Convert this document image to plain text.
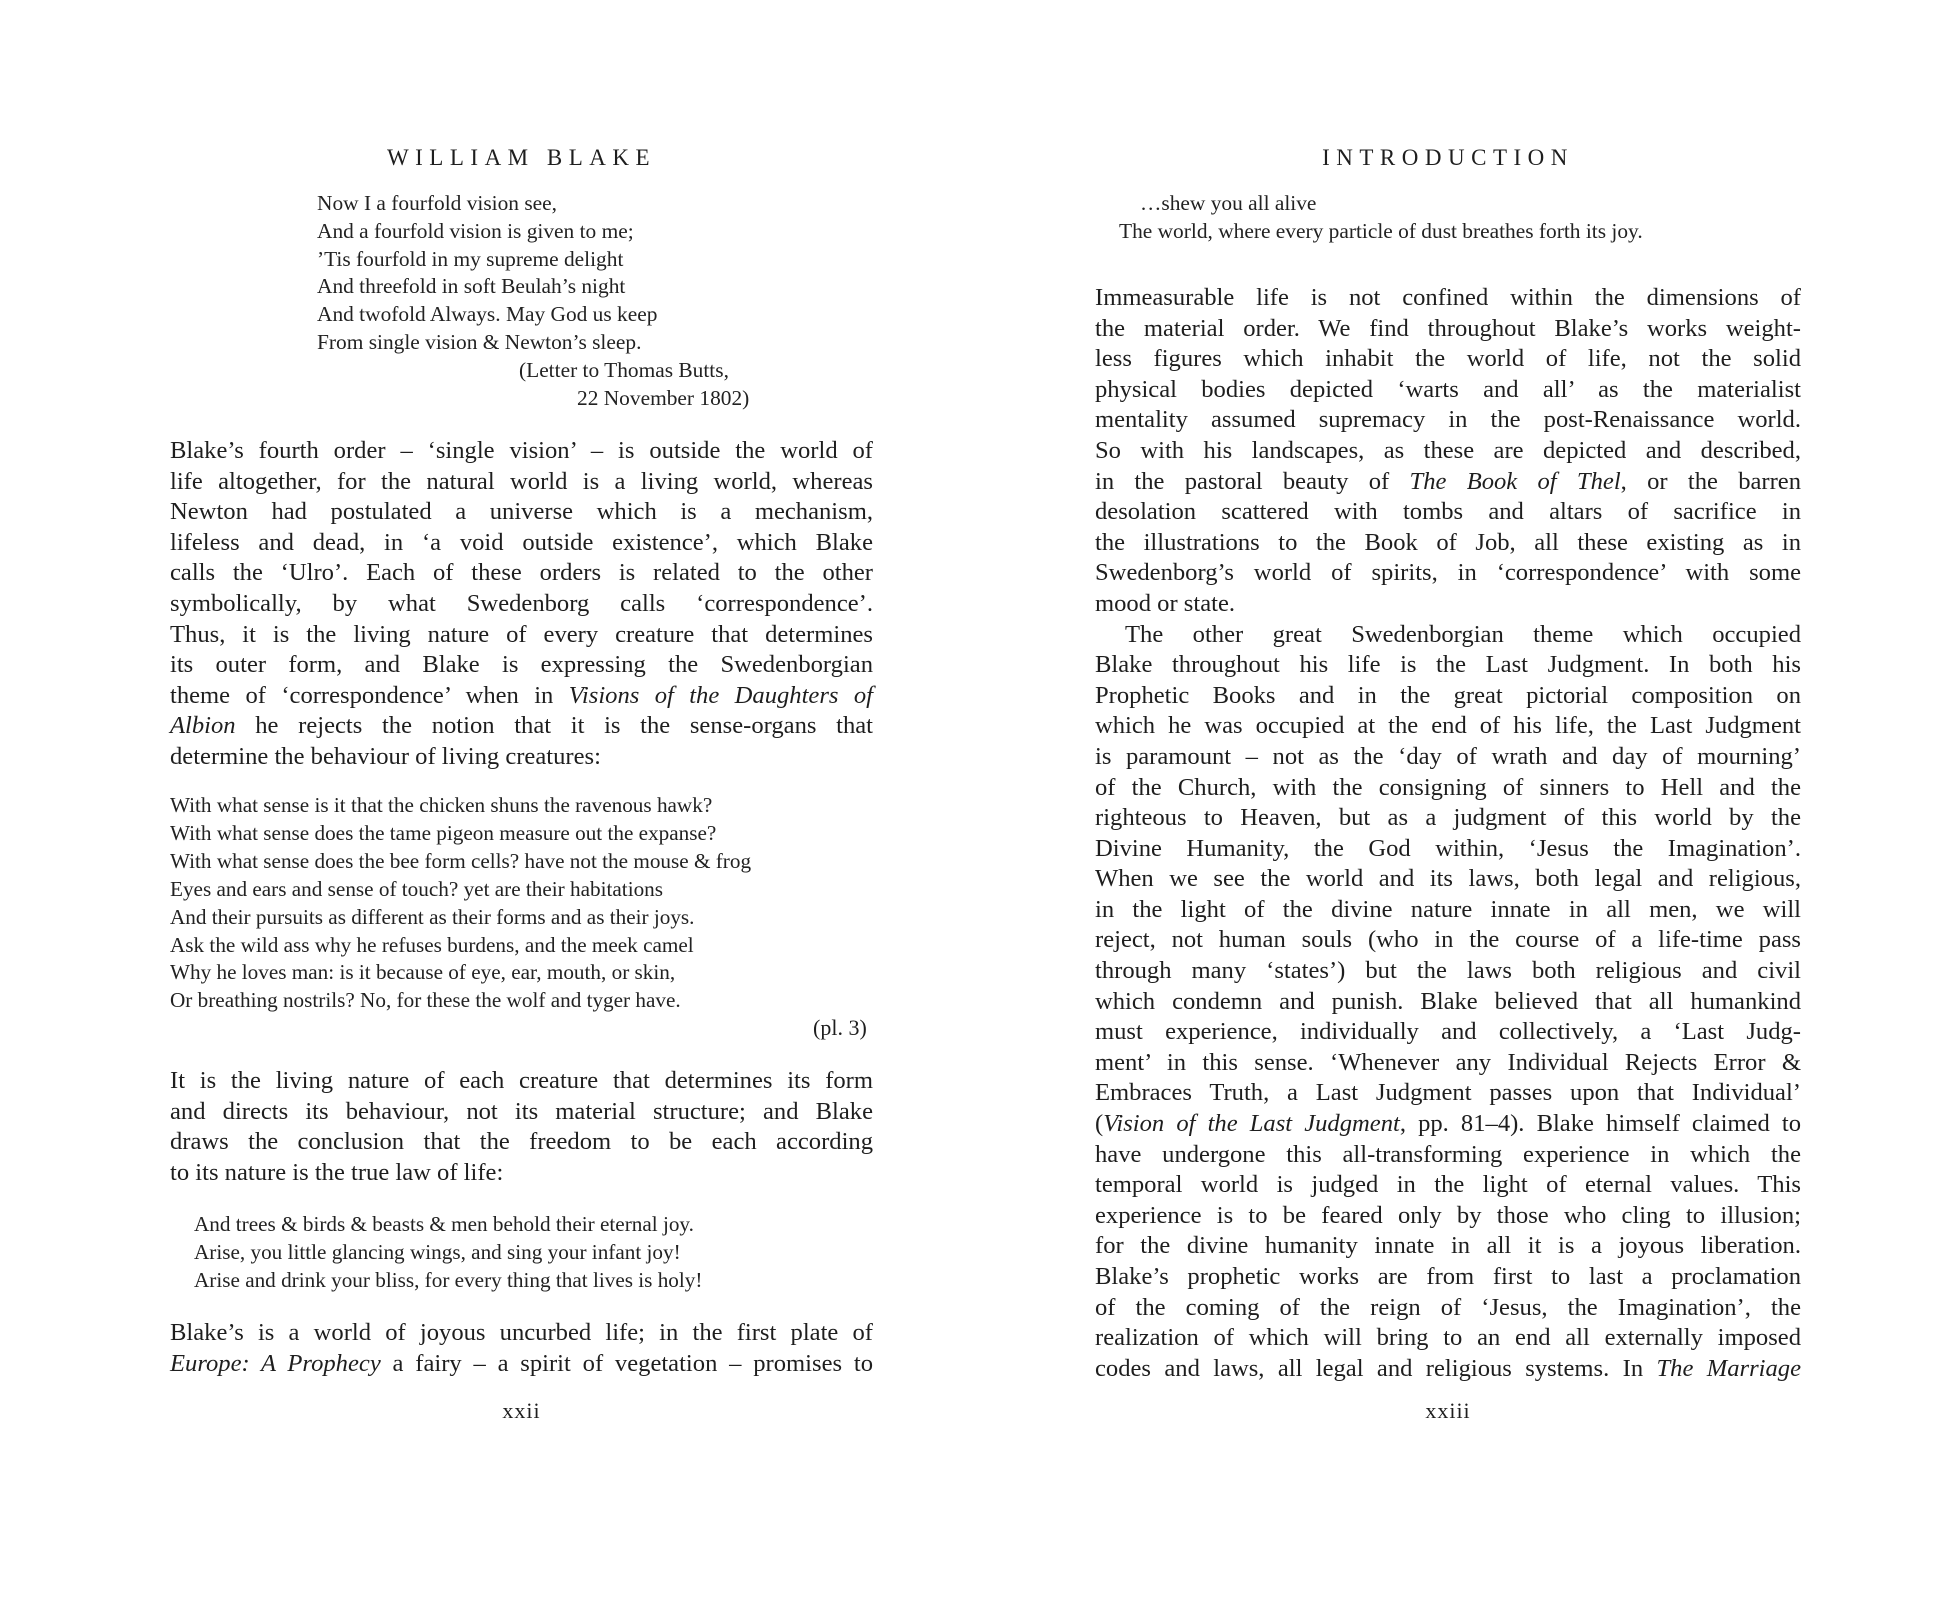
WILLIAM BLAKE
Now I a fourfold vision see,
And a fourfold vision is given to me;
’Tis fourfold in my supreme delight
And threefold in soft Beulah’s night
And twofold Always. May God us keep
From single vision & Newton’s sleep.
(Letter to Thomas Butts,
22 November 1802)
Blake’s fourth order – ‘single vision’ – is outside the world of
life altogether, for the natural world is a living world, whereas
Newton had postulated a universe which is a mechanism,
lifeless and dead, in ‘a void outside existence’, which Blake
calls the ‘Ulro’. Each of these orders is related to the other
symbolically, by what Swedenborg calls ‘correspondence’.
Thus, it is the living nature of every creature that determines
its outer form, and Blake is expressing the Swedenborgian
theme of ‘correspondence’ when in Visions of the Daughters of
Albion he rejects the notion that it is the sense-organs that
determine the behaviour of living creatures:
With what sense is it that the chicken shuns the ravenous hawk?
With what sense does the tame pigeon measure out the expanse?
With what sense does the bee form cells? have not the mouse & frog
Eyes and ears and sense of touch? yet are their habitations
And their pursuits as different as their forms and as their joys.
Ask the wild ass why he refuses burdens, and the meek camel
Why he loves man: is it because of eye, ear, mouth, or skin,
Or breathing nostrils? No, for these the wolf and tyger have.
(pl. 3)
It is the living nature of each creature that determines its form
and directs its behaviour, not its material structure; and Blake
draws the conclusion that the freedom to be each according
to its nature is the true law of life:
And trees & birds & beasts & men behold their eternal joy.
Arise, you little glancing wings, and sing your infant joy!
Arise and drink your bliss, for every thing that lives is holy!
Blake’s is a world of joyous uncurbed life; in the first plate of
Europe: A Prophecy a fairy – a spirit of vegetation – promises to
xxii
INTRODUCTION
xxiii
…shew you all alive
The world, where every particle of dust breathes forth its joy.
Immeasurable life is not confined within the dimensions of
the material order. We find throughout Blake’s works weight-
less figures which inhabit the world of life, not the solid
physical bodies depicted ‘warts and all’ as the materialist
mentality assumed supremacy in the post-Renaissance world.
So with his landscapes, as these are depicted and described,
in the pastoral beauty of The Book of Thel, or the barren
desolation scattered with tombs and altars of sacrifice in
the illustrations to the Book of Job, all these existing as in
Swedenborg’s world of spirits, in ‘correspondence’ with some
mood or state.
The other great Swedenborgian theme which occupied
Blake throughout his life is the Last Judgment. In both his
Prophetic Books and in the great pictorial composition on
which he was occupied at the end of his life, the Last Judgment
is paramount – not as the ‘day of wrath and day of mourning’
of the Church, with the consigning of sinners to Hell and the
righteous to Heaven, but as a judgment of this world by the
Divine Humanity, the God within, ‘Jesus the Imagination’.
When we see the world and its laws, both legal and religious,
in the light of the divine nature innate in all men, we will
reject, not human souls (who in the course of a life-time pass
through many ‘states’) but the laws both religious and civil
which condemn and punish. Blake believed that all humankind
must experience, individually and collectively, a ‘Last Judg-
ment’ in this sense. ‘Whenever any Individual Rejects Error &
Embraces Truth, a Last Judgment passes upon that Individual’
(Vision of the Last Judgment, pp. 81–4). Blake himself claimed to
have undergone this all-transforming experience in which the
temporal world is judged in the light of eternal values. This
experience is to be feared only by those who cling to illusion;
for the divine humanity innate in all it is a joyous liberation.
Blake’s prophetic works are from first to last a proclamation
of the coming of the reign of ‘Jesus, the Imagination’, the
realization of which will bring to an end all externally imposed
codes and laws, all legal and religious systems. In The Marriage
